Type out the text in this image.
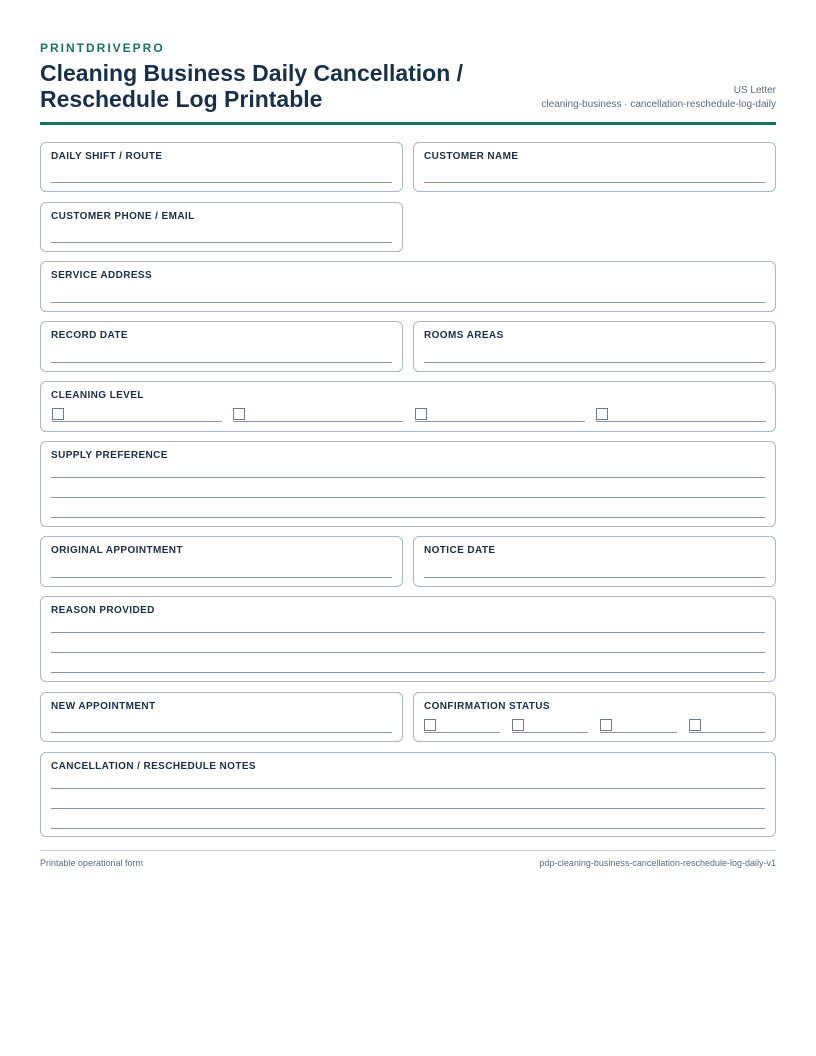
PRINTDRIVEPRO
Cleaning Business Daily Cancellation / Reschedule Log Printable	US Letter
cleaning-business · cancellation-reschedule-log-daily
DAILY SHIFT / ROUTE	CUSTOMER NAME
CUSTOMER PHONE / EMAIL
SERVICE ADDRESS
RECORD DATE	ROOMS AREAS
CLEANING LEVEL
SUPPLY PREFERENCE
ORIGINAL APPOINTMENT	NOTICE DATE
REASON PROVIDED
NEW APPOINTMENT	CONFIRMATION STATUS
CANCELLATION / RESCHEDULE NOTES
Printable operational form	pdp-cleaning-business-cancellation-reschedule-log-daily-v1
